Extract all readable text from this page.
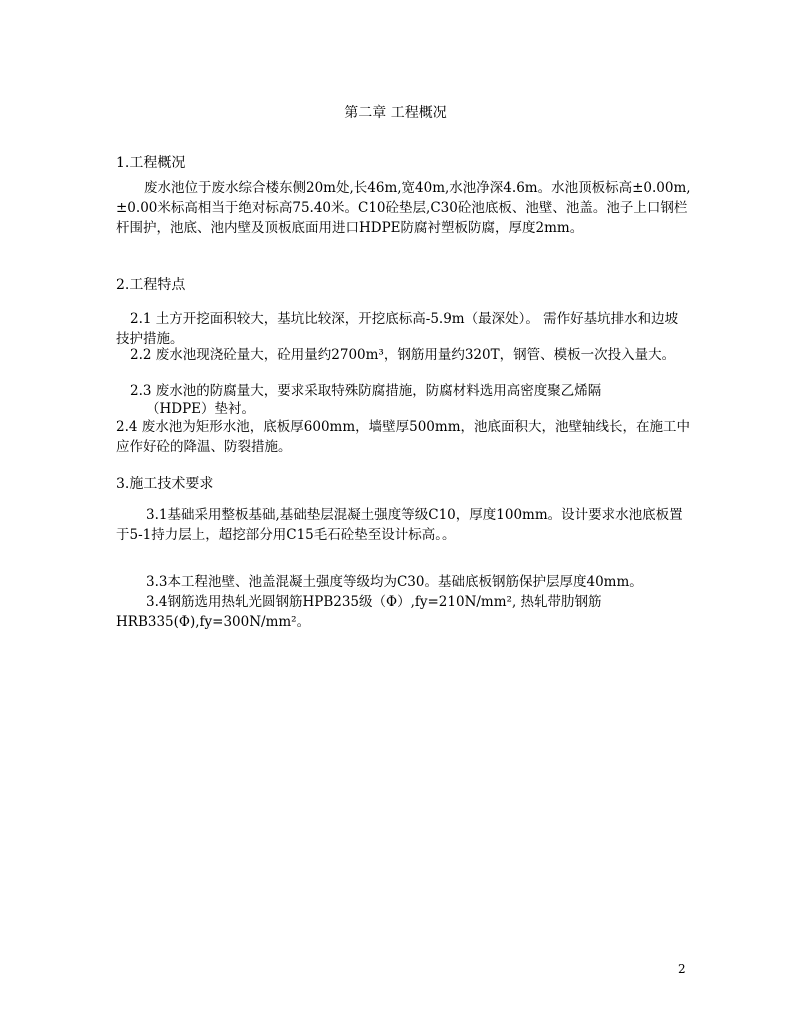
第二章 工程概况
1.工程概况
废水池位于废水综合楼东侧20m处,长46m,宽40m,水池净深4.6m。水池顶板标高±0.00m, ±0.00米标高相当于绝对标高75.40米。C10砼垫层,C30砼池底板、池壁、池盖。池子上口钢栏杆围护，池底、池内壁及顶板底面用进口HDPE防腐衬塑板防腐，厚度2mm。
2.工程特点
2.1 土方开挖面积较大，基坑比较深，开挖底标高-5.9m（最深处）。 需作好基坑排水和边坡技护措施。
2.2 废水池现浇砼量大，砼用量约2700m³，钢筋用量约320T，钢管、模板一次投入量大。
2.3 废水池的防腐量大，要求采取特殊防腐措施，防腐材料选用高密度聚乙烯隔
（HDPE）垫衬。
2.4 废水池为矩形水池，底板厚600mm，墙壁厚500mm，池底面积大，池壁轴线长，在施工中应作好砼的降温、防裂措施。
3.施工技术要求
3.1基础采用整板基础,基础垫层混凝土强度等级C10，厚度100mm。设计要求水池底板置于5-1持力层上，超挖部分用C15毛石砼垫至设计标高。。
3.3本工程池壁、池盖混凝土强度等级均为C30。基础底板钢筋保护层厚度40mm。
3.4钢筋选用热轧光圆钢筋HPB235级（Φ）,fy=210N/mm², 热轧带肋钢筋HRB335(Φ),fy=300N/mm²。
2
